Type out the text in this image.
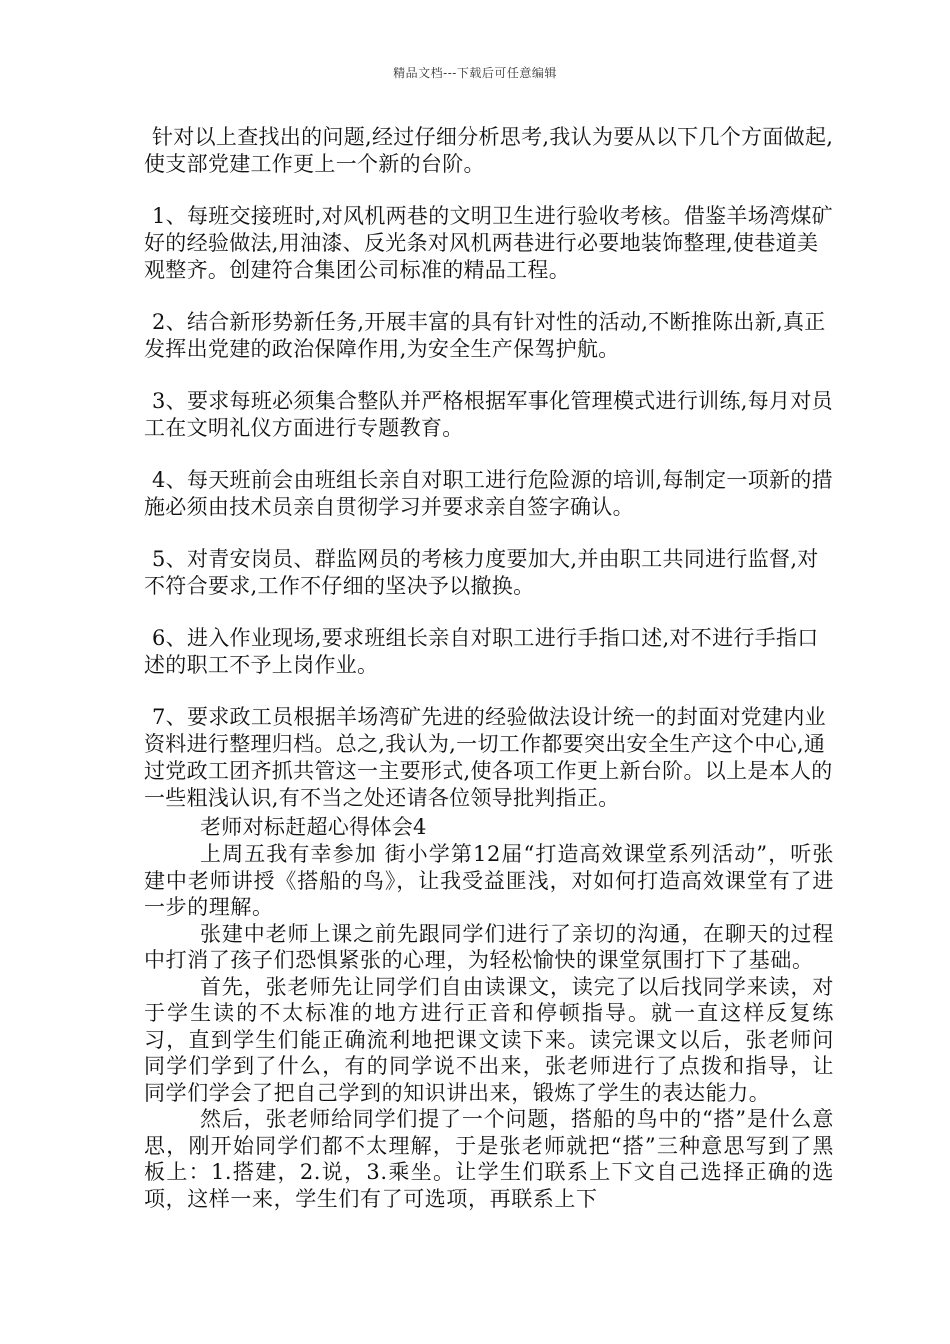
精品文档---下载后可任意编辑

针对以上查找出的问题,经过仔细分析思考,我认为要从以下几个方面做起,使支部党建工作更上一个新的台阶。

1、每班交接班时,对风机两巷的文明卫生进行验收考核。借鉴羊场湾煤矿好的经验做法,用油漆、反光条对风机两巷进行必要地装饰整理,使巷道美观整齐。创建符合集团公司标准的精品工程。

2、结合新形势新任务,开展丰富的具有针对性的活动,不断推陈出新,真正发挥出党建的政治保障作用,为安全生产保驾护航。

3、要求每班必须集合整队并严格根据军事化管理模式进行训练,每月对员工在文明礼仪方面进行专题教育。

4、每天班前会由班组长亲自对职工进行危险源的培训,每制定一项新的措施必须由技术员亲自贯彻学习并要求亲自签字确认。

5、对青安岗员、群监网员的考核力度要加大,并由职工共同进行监督,对不符合要求,工作不仔细的坚决予以撤换。

6、进入作业现场,要求班组长亲自对职工进行手指口述,对不进行手指口述的职工不予上岗作业。

7、要求政工员根据羊场湾矿先进的经验做法设计统一的封面对党建内业资料进行整理归档。总之,我认为,一切工作都要突出安全生产这个中心,通过党政工团齐抓共管这一主要形式,使各项工作更上新台阶。以上是本人的一些粗浅认识,有不当之处还请各位领导批判指正。

老师对标赶超心得体会4

上周五我有幸参加 街小学第12届“打造高效课堂系列活动”，听张建中老师讲授《搭船的鸟》，让我受益匪浅，对如何打造高效课堂有了进一步的理解。

张建中老师上课之前先跟同学们进行了亲切的沟通，在聊天的过程中打消了孩子们恐惧紧张的心理，为轻松愉快的课堂氛围打下了基础。

首先，张老师先让同学们自由读课文，读完了以后找同学来读，对于学生读的不太标准的地方进行正音和停顿指导。就一直这样反复练习，直到学生们能正确流利地把课文读下来。读完课文以后，张老师问同学们学到了什么，有的同学说不出来，张老师进行了点拨和指导，让同学们学会了把自己学到的知识讲出来，锻炼了学生的表达能力。

然后，张老师给同学们提了一个问题，搭船的鸟中的“搭”是什么意思，刚开始同学们都不太理解，于是张老师就把“搭”三种意思写到了黑板上：1.搭建，2.说，3.乘坐。让学生们联系上下文自己选择正确的选项，这样一来，学生们有了可选项，再联系上下
